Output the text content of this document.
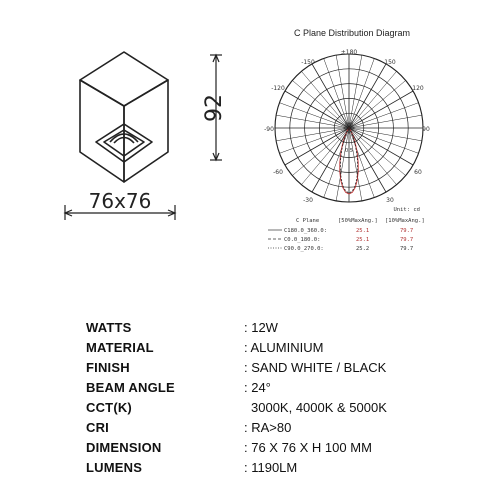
92
76x76
C Plane Distribution Diagram
±180
150
-150
120
-120
90
-90
60
-60
30
-30
0.0
0.5
Unit: cd
C Plane	[50%MaxAng.] [10%MaxAng.]
C180.0_360.0:	25.1	79.7
C0.0_180.0:	25.1	79.7
C90.0_270.0:	25.2	79.7
WATTS	: 12W
MATERIAL	: ALUMINIUM
FINISH	: SAND WHITE / BLACK
BEAM ANGLE	: 24°
CCT(K)	3000K, 4000K & 5000K
CRI	: RA>80
DIMENSION	: 76 X 76 X H 100 MM
LUMENS	: 1190LM
